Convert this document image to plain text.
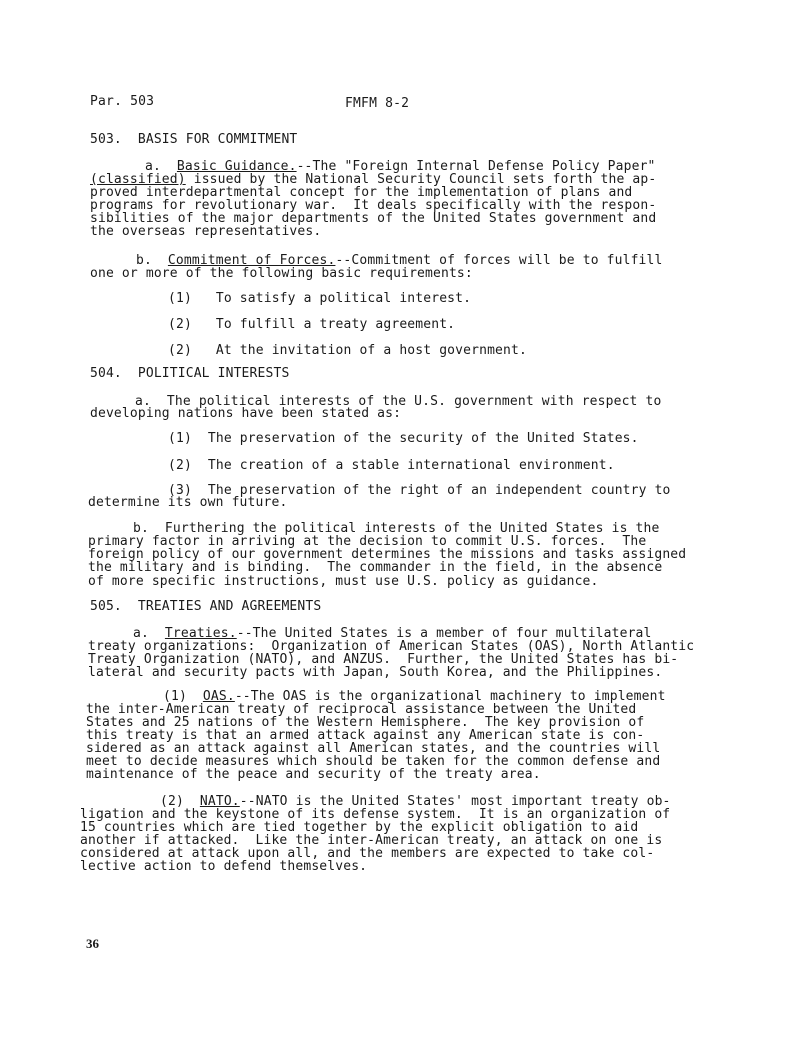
Par. 503	FMFM 8-2
503.  BASIS FOR COMMITMENT
a.  Basic Guidance.--The "Foreign Internal Defense Policy Paper"
(classified) issued by the National Security Council sets forth the ap-
proved interdepartmental concept for the implementation of plans and
programs for revolutionary war.  It deals specifically with the respon-
sibilities of the major departments of the United States government and
the overseas representatives.
b.  Commitment of Forces.--Commitment of forces will be to fulfill
one or more of the following basic requirements:
(1)   To satisfy a political interest.
(2)   To fulfill a treaty agreement.
(2)   At the invitation of a host government.
504.  POLITICAL INTERESTS
a.  The political interests of the U.S. government with respect to
developing nations have been stated as:
(1)  The preservation of the security of the United States.
(2)  The creation of a stable international environment.
(3)  The preservation of the right of an independent country to
determine its own future.
b.  Furthering the political interests of the United States is the
primary factor in arriving at the decision to commit U.S. forces.  The
foreign policy of our government determines the missions and tasks assigned
the military and is binding.  The commander in the field, in the absence
of more specific instructions, must use U.S. policy as guidance.
505.  TREATIES AND AGREEMENTS
a.  Treaties.--The United States is a member of four multilateral
treaty organizations:  Organization of American States (OAS), North Atlantic
Treaty Organization (NATO), and ANZUS.  Further, the United States has bi-
lateral and security pacts with Japan, South Korea, and the Philippines.
(1)  OAS.--The OAS is the organizational machinery to implement
the inter-American treaty of reciprocal assistance between the United
States and 25 nations of the Western Hemisphere.  The key provision of
this treaty is that an armed attack against any American state is con-
sidered as an attack against all American states, and the countries will
meet to decide measures which should be taken for the common defense and
maintenance of the peace and security of the treaty area.
(2)  NATO.--NATO is the United States' most important treaty ob-
ligation and the keystone of its defense system.  It is an organization of
15 countries which are tied together by the explicit obligation to aid
another if attacked.  Like the inter-American treaty, an attack on one is
considered at attack upon all, and the members are expected to take col-
lective action to defend themselves.
36
